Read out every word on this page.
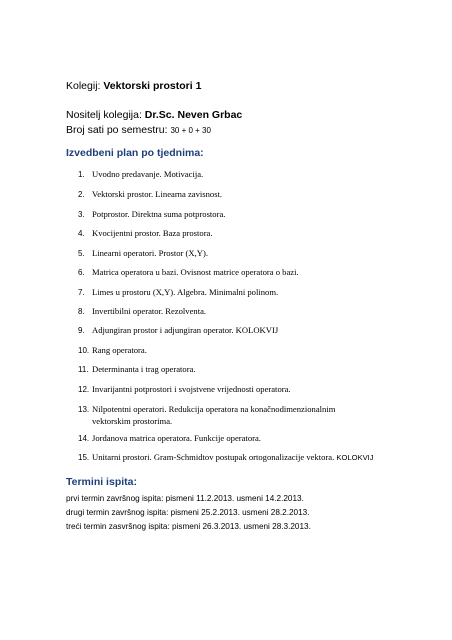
Kolegij: Vektorski prostori 1
Nositelj kolegija: Dr.Sc. Neven Grbac
Broj sati po semestru: 30 + 0 + 30
Izvedbeni plan po tjednima:
1. Uvodno predavanje. Motivacija.
2. Vektorski prostor. Linearna zavisnost.
3. Potprostor. Direktna suma potprostora.
4. Kvocijentni prostor. Baza prostora.
5. Linearni operatori. Prostor (X,Y).
6. Matrica operatora u bazi. Ovisnost matrice operatora o bazi.
7. Limes u prostoru (X,Y). Algebra. Minimalni polinom.
8. Invertibilni operator. Rezolventa.
9. Adjungiran prostor i adjungiran operator. KOLOKVIJ
10. Rang operatora.
11. Determinanta i trag operatora.
12. Invarijantni potprostori i svojstvene vrijednosti operatora.
13. Nilpotentni operatori. Redukcija operatora na konačnodimenzionalnim
vektorskim prostorima.
14. Jordanova matrica operatora. Funkcije operatora.
15. Unitarni prostori. Gram-Schmidtov postupak ortogonalizacije vektora. KOLOKVIJ
Termini ispita:
prvi termin završnog ispita: pismeni 11.2.2013. usmeni 14.2.2013.
drugi termin završnog ispita: pismeni 25.2.2013. usmeni 28.2.2013.
treći termin zasvršnog ispita: pismeni 26.3.2013. usmeni 28.3.2013.
